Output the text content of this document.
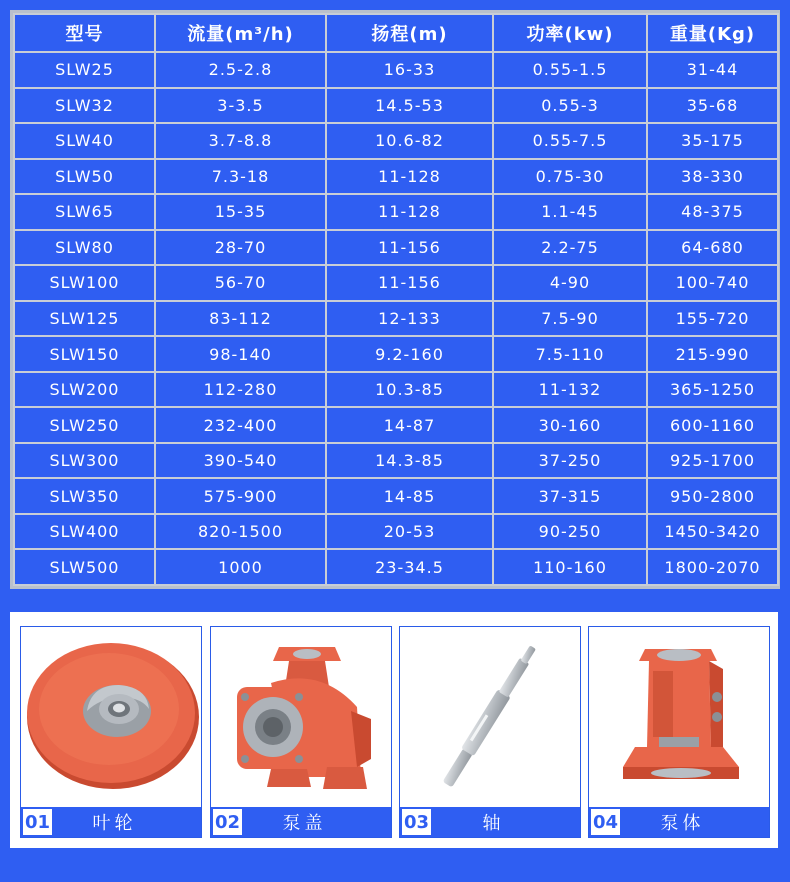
型号	流量(m³/h)	扬程(m)	功率(kw)	重量(Kg)
SLW25	2.5-2.8	16-33	0.55-1.5	31-44
SLW32	3-3.5	14.5-53	0.55-3	35-68
SLW40	3.7-8.8	10.6-82	0.55-7.5	35-175
SLW50	7.3-18	11-128	0.75-30	38-330
SLW65	15-35	11-128	1.1-45	48-375
SLW80	28-70	11-156	2.2-75	64-680
SLW100	56-70	11-156	4-90	100-740
SLW125	83-112	12-133	7.5-90	155-720
SLW150	98-140	9.2-160	7.5-110	215-990
SLW200	112-280	10.3-85	11-132	365-1250
SLW250	232-400	14-87	30-160	600-1160
SLW300	390-540	14.3-85	37-250	925-1700
SLW350	575-900	14-85	37-315	950-2800
SLW400	820-1500	20-53	90-250	1450-3420
SLW500	1000	23-34.5	110-160	1800-2070
01	叶轮	02	泵盖	03	轴	04	泵体
